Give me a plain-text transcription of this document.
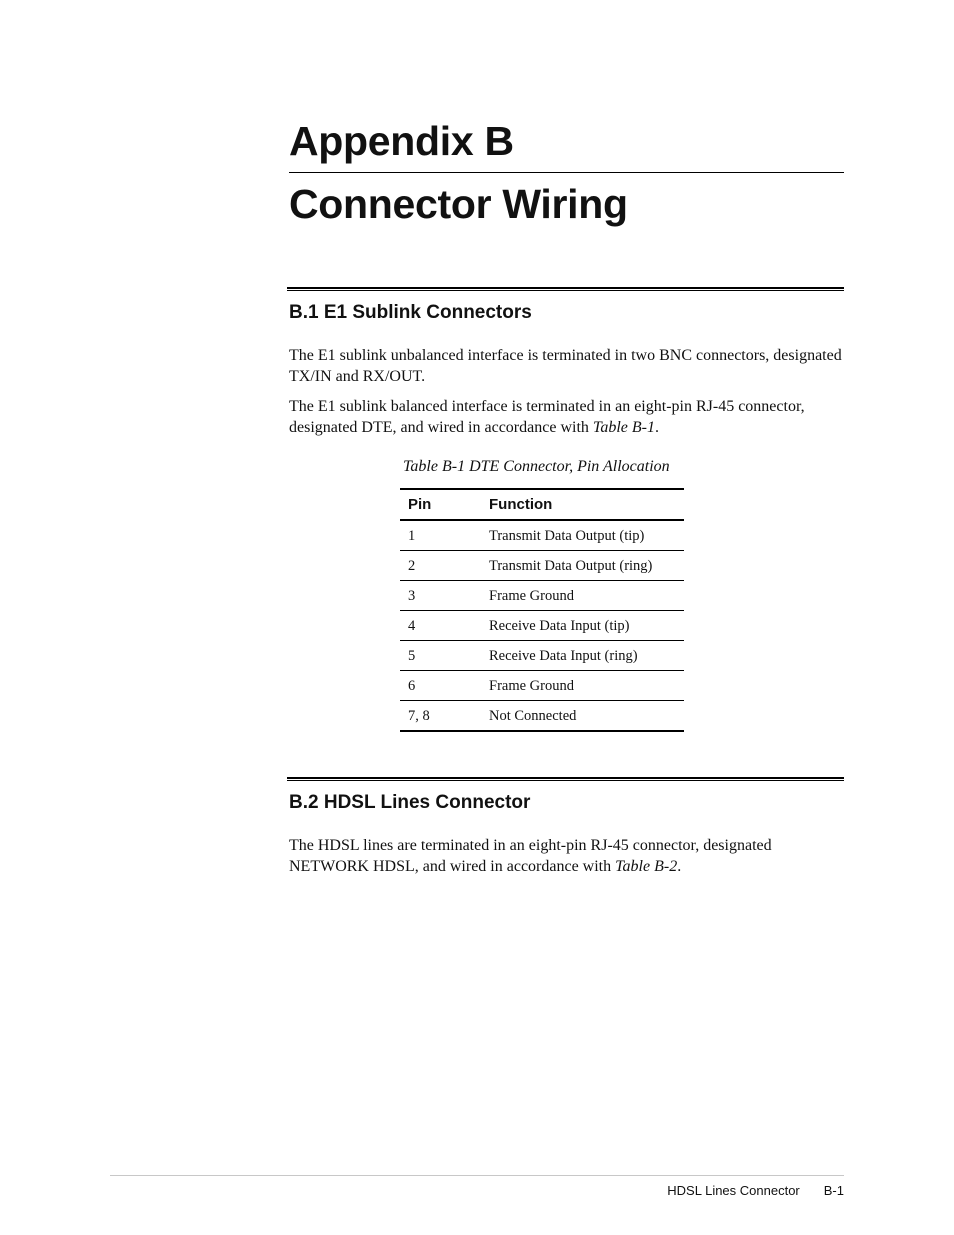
Appendix B
Connector Wiring
B.1 E1 Sublink Connectors

The E1 sublink unbalanced interface is terminated in two BNC connectors, designated TX/IN and RX/OUT.

The E1 sublink balanced interface is terminated in an eight-pin RJ-45 connector, designated DTE, and wired in accordance with Table B-1.

Table B-1 DTE Connector, Pin Allocation

Pin	Function
1	Transmit Data Output (tip)
2	Transmit Data Output (ring)
3	Frame Ground
4	Receive Data Input (tip)
5	Receive Data Input (ring)
6	Frame Ground
7, 8	Not Connected
B.2 HDSL Lines Connector

The HDSL lines are terminated in an eight-pin RJ-45 connector, designated NETWORK HDSL, and wired in accordance with Table B-2.

HDSL Lines Connector B-1
